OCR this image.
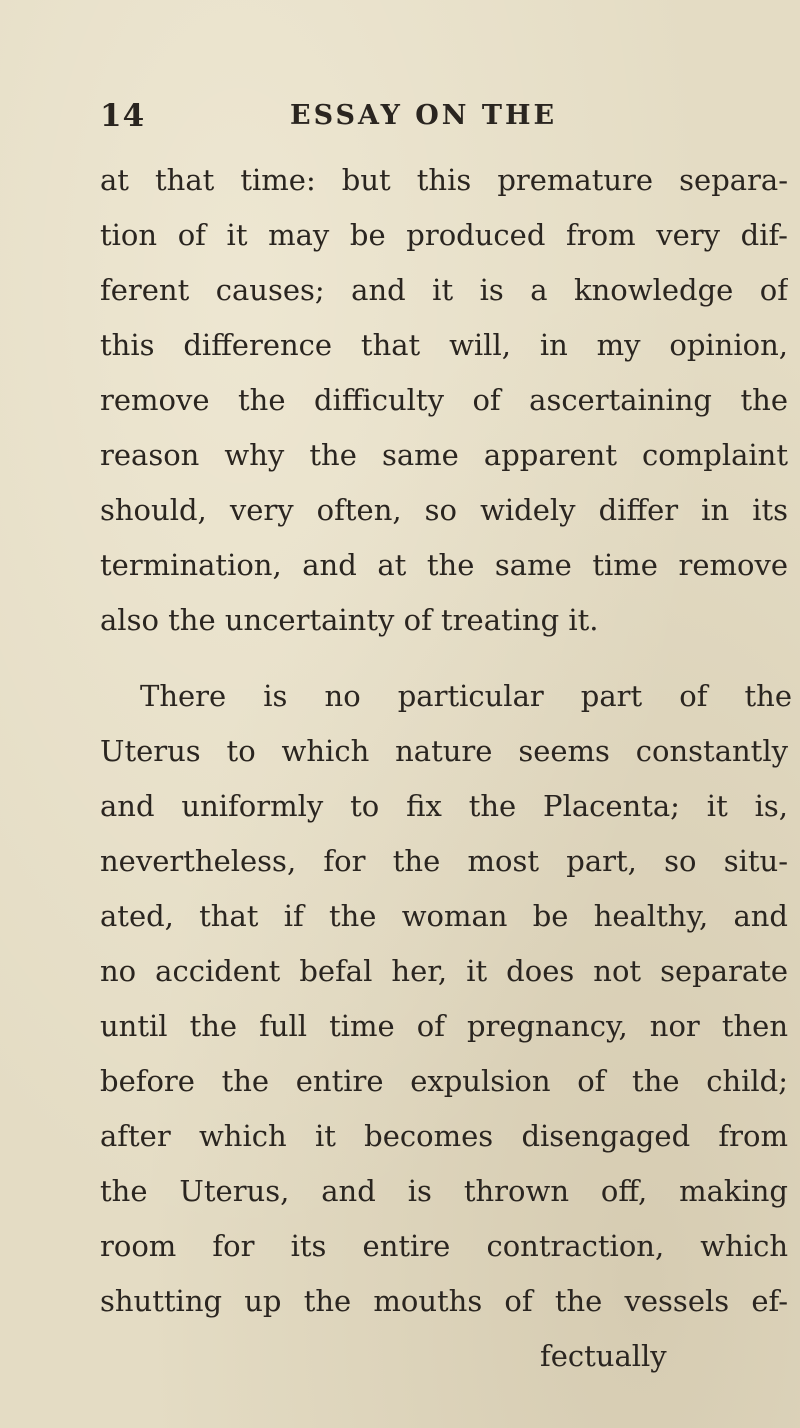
14	ESSAY ON THE
at that time: but this premature separa-
tion of it may be produced from very dif-
ferent causes; and it is a knowledge of
this difference that will, in my opinion,
remove the difficulty of ascertaining the
reason why the same apparent complaint
should, very often, so widely differ in its
termination, and at the same time remove
also the uncertainty of treating it.
There is no particular part of the
Uterus to which nature seems constantly
and uniformly to fix the Placenta; it is,
nevertheless, for the most part, so situ-
ated, that if the woman be healthy, and
no accident befal her, it does not separate
until the full time of pregnancy, nor then
before the entire expulsion of the child;
after which it becomes disengaged from
the Uterus, and is thrown off, making
room for its entire contraction, which
shutting up the mouths of the vessels ef-
fectually
